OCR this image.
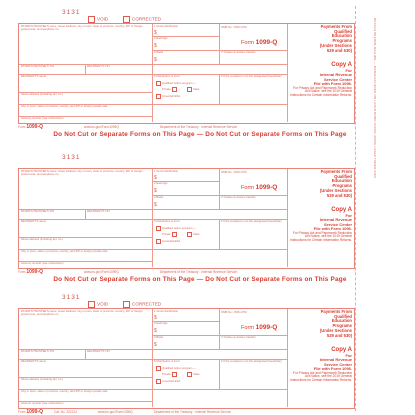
3131
VOID	CORRECTED
PAYER'S/TRUSTEE'S name, street address, city or town, state or province, country, ZIP or foreign postal code, and telephone no.
PAYER'S/TRUSTEE'S TIN	RECIPIENT'S TIN
RECIPIENT'S name
Street address (including apt. no.)
City or town, state or province, country, and ZIP or foreign postal code
Account number (see instructions)
1 Gross distribution
$
2 Earnings
$
3 Basis
$
4 Trustee-to-trustee transfer
5 Distribution is from:
Qualified tuition program —
Private	State
Coverdell ESA
6 If the recipient is not the designated beneficiary
OMB No. 1545-1760
Form 1099-Q
Payments From
Qualified
Education
Programs
(Under Sections
529 and 530)
Copy A
For
Internal Revenue
Service Center
File with Form 1096.
For Privacy Act and Paperwork Reduction Act Notice, see the 2019 General Instructions for Certain Information Returns.
Form 1099-Q	www.irs.gov/Form1099Q	Department of the Treasury - Internal Revenue Service
Do Not Cut or Separate Forms on This Page — Do Not Cut or Separate Forms on This Page
3131
PAYER'S/TRUSTEE'S name, street address, city or town, state or province, country, ZIP or foreign postal code, and telephone no.
PAYER'S/TRUSTEE'S TIN	RECIPIENT'S TIN
RECIPIENT'S name
Street address (including apt. no.)
City or town, state or province, country, and ZIP or foreign postal code
Account number (see instructions)
1 Gross distribution
$
2 Earnings
$
3 Basis
$
4 Trustee-to-trustee transfer
5 Distribution is from:
Qualified tuition program —
Private	State
Coverdell ESA
6 If the recipient is not the designated beneficiary
OMB No. 1545-1760
Form 1099-Q
Payments From
Qualified
Education
Programs
(Under Sections
529 and 530)
Copy A
For
Internal Revenue
Service Center
File with Form 1096.
For Privacy Act and Paperwork Reduction Act Notice, see the 2019 General Instructions for Certain Information Returns.
Form 1099-Q	www.irs.gov/Form1099Q	Department of the Treasury - Internal Revenue Service
Do Not Cut or Separate Forms on This Page — Do Not Cut or Separate Forms on This Page
3131
VOID	CORRECTED
PAYER'S/TRUSTEE'S name, street address, city or town, state or province, country, ZIP or foreign postal code, and telephone no.
PAYER'S/TRUSTEE'S TIN	RECIPIENT'S TIN
RECIPIENT'S name
Street address (including apt. no.)
City or town, state or province, country, and ZIP or foreign postal code
Account number (see instructions)
1 Gross distribution
$
2 Earnings
$
3 Basis
$
4 Trustee-to-trustee transfer
5 Distribution is from:
Qualified tuition program —
Private	State
Coverdell ESA
6 If the recipient is not the designated beneficiary
OMB No. 1545-1760
Form 1099-Q
Payments From
Qualified
Education
Programs
(Under Sections
529 and 530)
Copy A
For
Internal Revenue
Service Center
File with Form 1096.
For Privacy Act and Paperwork Reduction Act Notice, see the 2019 General Instructions for Certain Information Returns.
Form 1099-Q	Cat. No. 32223J	www.irs.gov/Form1099Q	Department of the Treasury - Internal Revenue Service
DETACH BEFORE MAILING — MANUFACTURED ON LASER BOND PAPER USING LASER TONER INKS
